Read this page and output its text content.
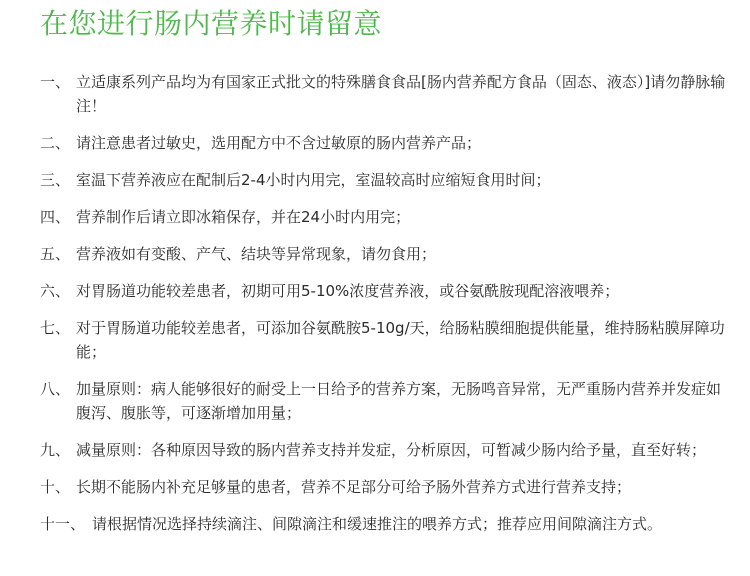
在您进行肠内营养时请留意
一、 立适康系列产品均为有国家正式批文的特殊膳食食品[肠内营养配方食品（固态、液态）]请勿静脉输注！
二、 请注意患者过敏史，选用配方中不含过敏原的肠内营养产品；
三、 室温下营养液应在配制后2-4小时内用完，室温较高时应缩短食用时间；
四、 营养制作后请立即冰箱保存，并在24小时内用完；
五、 营养液如有变酸、产气、结块等异常现象，请勿食用；
六、 对胃肠道功能较差患者，初期可用5-10%浓度营养液，或谷氨酰胺现配溶液喂养；
七、 对于胃肠道功能较差患者，可添加谷氨酰胺5-10g/天，给肠粘膜细胞提供能量，维持肠粘膜屏障功能；
八、 加量原则：病人能够很好的耐受上一日给予的营养方案，无肠鸣音异常，无严重肠内营养并发症如腹泻、腹胀等，可逐渐增加用量；
九、 减量原则：各种原因导致的肠内营养支持并发症，分析原因，可暂减少肠内给予量，直至好转；
十、 长期不能肠内补充足够量的患者，营养不足部分可给予肠外营养方式进行营养支持；
十一、 请根据情况选择持续滴注、间隙滴注和缓速推注的喂养方式；推荐应用间隙滴注方式。
